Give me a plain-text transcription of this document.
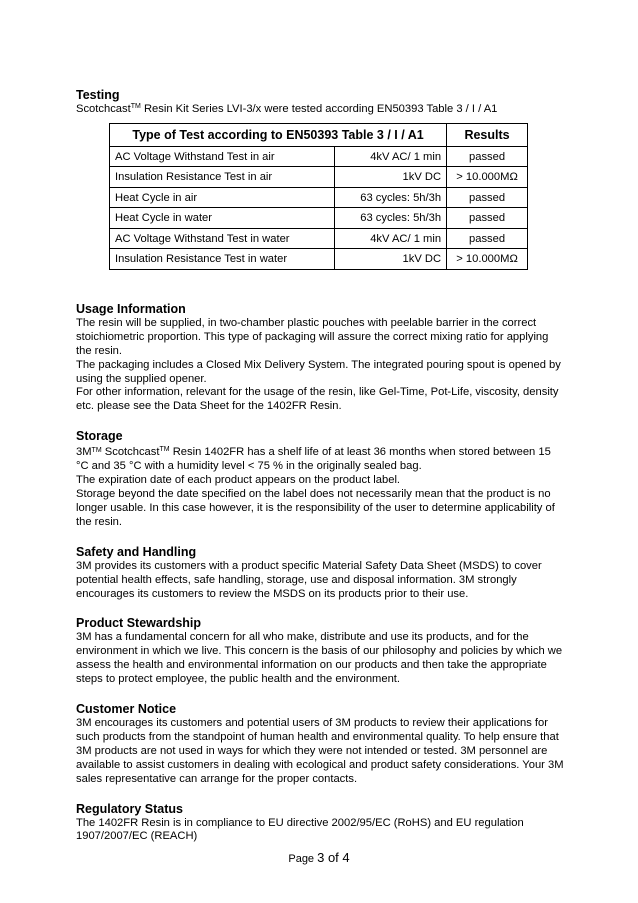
Testing

Scotchcast™ Resin Kit Series LVI-3/x were tested according EN50393 Table 3 / I / A1

Type of Test according to EN50393 Table 3 / I / A1		Results
AC Voltage Withstand Test in air	4kV AC/ 1 min	passed
Insulation Resistance Test in air	1kV DC	> 10.000MΩ
Heat Cycle in air	63 cycles: 5h/3h	passed
Heat Cycle in water	63 cycles: 5h/3h	passed
AC Voltage Withstand Test in water	4kV AC/ 1 min	passed
Insulation Resistance Test in water	1kV DC	> 10.000MΩ
Usage Information

The resin will be supplied, in two-chamber plastic pouches with peelable barrier in the correct stoichiometric proportion. This type of packaging will assure the correct mixing ratio for applying the resin.

The packaging includes a Closed Mix Delivery System. The integrated pouring spout is opened by using the supplied opener.

For other information, relevant for the usage of the resin, like Gel-Time, Pot-Life, viscosity, density etc. please see the Data Sheet for the 1402FR Resin.

Storage

3M™ Scotchcast™ Resin 1402FR has a shelf life of at least 36 months when stored between 15 °C and 35 °C with a humidity level < 75 % in the originally sealed bag.

The expiration date of each product appears on the product label.

Storage beyond the date specified on the label does not necessarily mean that the product is no longer usable. In this case however, it is the responsibility of the user to determine applicability of the resin.

Safety and Handling

3M provides its customers with a product specific Material Safety Data Sheet (MSDS) to cover potential health effects, safe handling, storage, use and disposal information. 3M strongly encourages its customers to review the MSDS on its products prior to their use.

Product Stewardship

3M has a fundamental concern for all who make, distribute and use its products, and for the environment in which we live. This concern is the basis of our philosophy and policies by which we assess the health and environmental information on our products and then take the appropriate steps to protect employee, the public health and the environment.

Customer Notice

3M encourages its customers and potential users of 3M products to review their applications for such products from the standpoint of human health and environmental quality. To help ensure that 3M products are not used in ways for which they were not intended or tested. 3M personnel are available to assist customers in dealing with ecological and product safety considerations. Your 3M sales representative can arrange for the proper contacts.

Regulatory Status

The 1402FR Resin is in compliance to EU directive 2002/95/EC (RoHS) and EU regulation 1907/2007/EC (REACH)

Page 3 of 4
